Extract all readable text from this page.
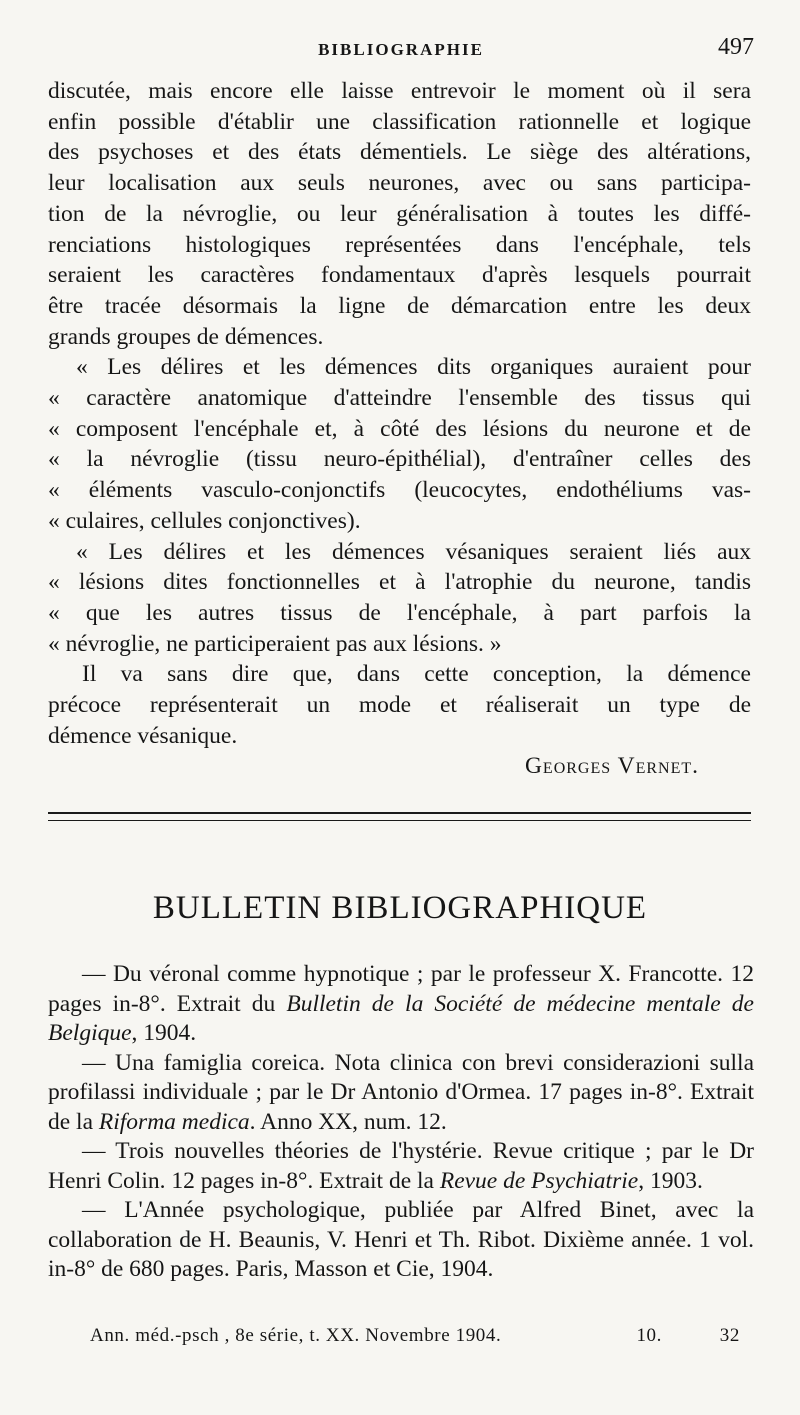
BIBLIOGRAPHIE	497
discutée, mais encore elle laisse entrevoir le moment où il sera
enfin possible d'établir une classification rationnelle et logique
des psychoses et des états démentiels. Le siège des altérations,
leur localisation aux seuls neurones, avec ou sans participa-
tion de la névroglie, ou leur généralisation à toutes les diffé-
renciations histologiques représentées dans l'encéphale, tels
seraient les caractères fondamentaux d'après lesquels pourrait
être tracée désormais la ligne de démarcation entre les deux
grands groupes de démences.
« Les délires et les démences dits organiques auraient pour
« caractère anatomique d'atteindre l'ensemble des tissus qui
« composent l'encéphale et, à côté des lésions du neurone et de
« la névroglie (tissu neuro-épithélial), d'entraîner celles des
« éléments vasculo-conjonctifs (leucocytes, endothéliums vas-
« culaires, cellules conjonctives).
« Les délires et les démences vésaniques seraient liés aux
« lésions dites fonctionnelles et à l'atrophie du neurone, tandis
« que les autres tissus de l'encéphale, à part parfois la
« névroglie, ne participeraient pas aux lésions. »
Il va sans dire que, dans cette conception, la démence
précoce représenterait un mode et réaliserait un type de
démence vésanique.
Georges Vernet.
BULLETIN BIBLIOGRAPHIQUE

— Du véronal comme hypnotique ; par le professeur X. Francotte. 12 pages in-8°. Extrait du Bulletin de la Société de médecine mentale de Belgique, 1904.

— Una famiglia coreica. Nota clinica con brevi considerazioni sulla profilassi individuale ; par le Dr Antonio d'Ormea. 17 pages in-8°. Extrait de la Riforma medica. Anno XX, num. 12.

— Trois nouvelles théories de l'hystérie. Revue critique ; par le Dr Henri Colin. 12 pages in-8°. Extrait de la Revue de Psychiatrie, 1903.

— L'Année psychologique, publiée par Alfred Binet, avec la collaboration de H. Beaunis, V. Henri et Th. Ribot. Dixième année. 1 vol. in-8° de 680 pages. Paris, Masson et Cie, 1904.

Ann. méd.-psch , 8e série, t. XX. Novembre 1904.	10.	32
